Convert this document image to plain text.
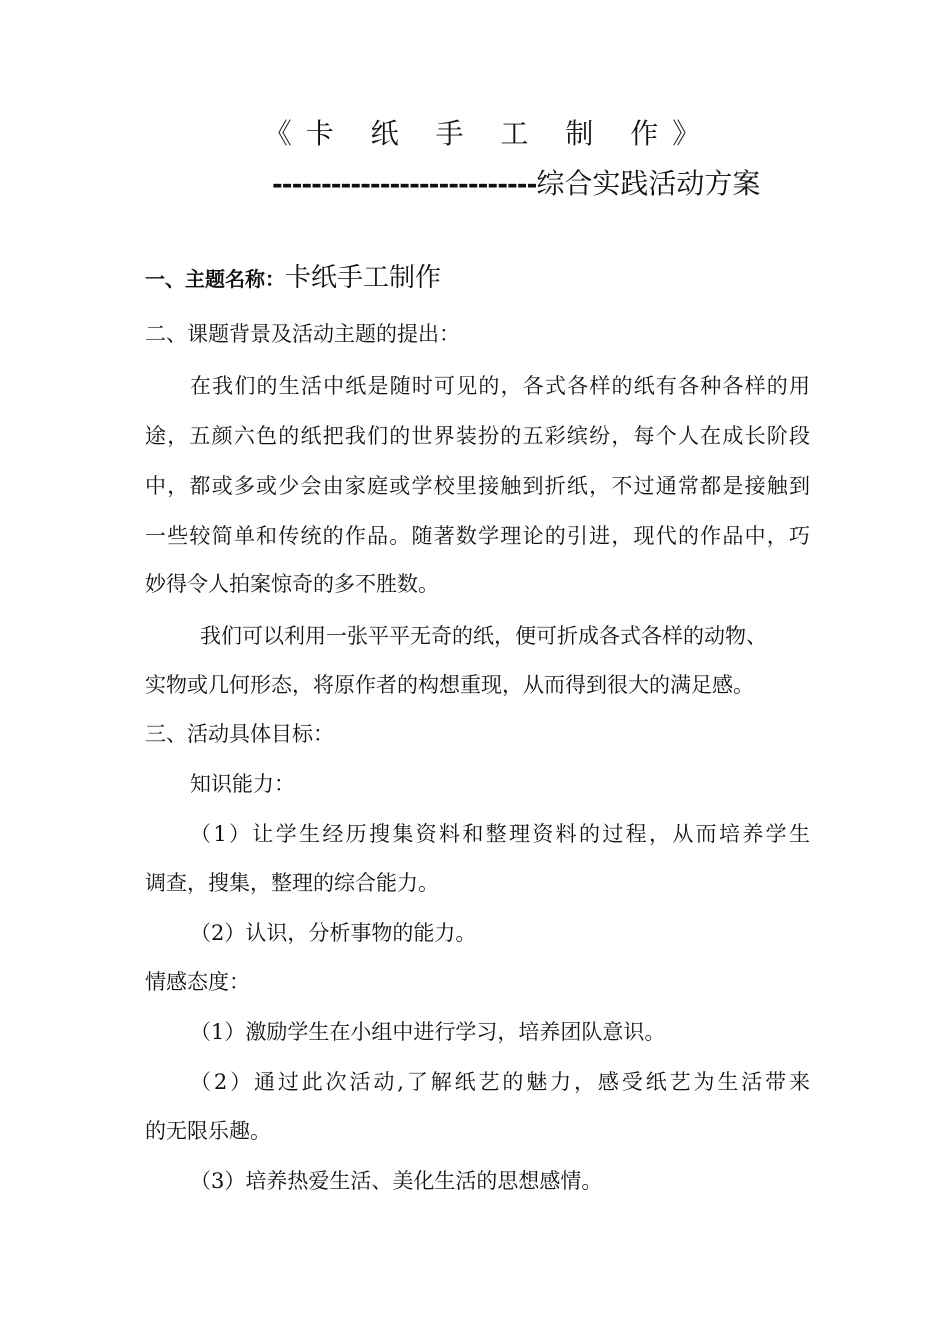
《卡 纸 手 工 制 作》
---------------------------综合实践活动方案
一、主题名称：卡纸手工制作
二、课题背景及活动主题的提出：
在我们的生活中纸是随时可见的，各式各样的纸有各种各样的用
途，五颜六色的纸把我们的世界装扮的五彩缤纷，每个人在成长阶段
中，都或多或少会由家庭或学校里接触到折纸，不过通常都是接触到
一些较简单和传统的作品。随著数学理论的引进，现代的作品中，巧
妙得令人拍案惊奇的多不胜数。
我们可以利用一张平平无奇的纸，便可折成各式各样的动物、
实物或几何形态，将原作者的构想重现，从而得到很大的满足感。
三、活动具体目标：
知识能力：
（1）让学生经历搜集资料和整理资料的过程，从而培养学生
调查，搜集，整理的综合能力。
（2）认识，分析事物的能力。
情感态度：
（1）激励学生在小组中进行学习，培养团队意识。
（2）通过此次活动,了解纸艺的魅力，感受纸艺为生活带来
的无限乐趣。
（3）培养热爱生活、美化生活的思想感情。
